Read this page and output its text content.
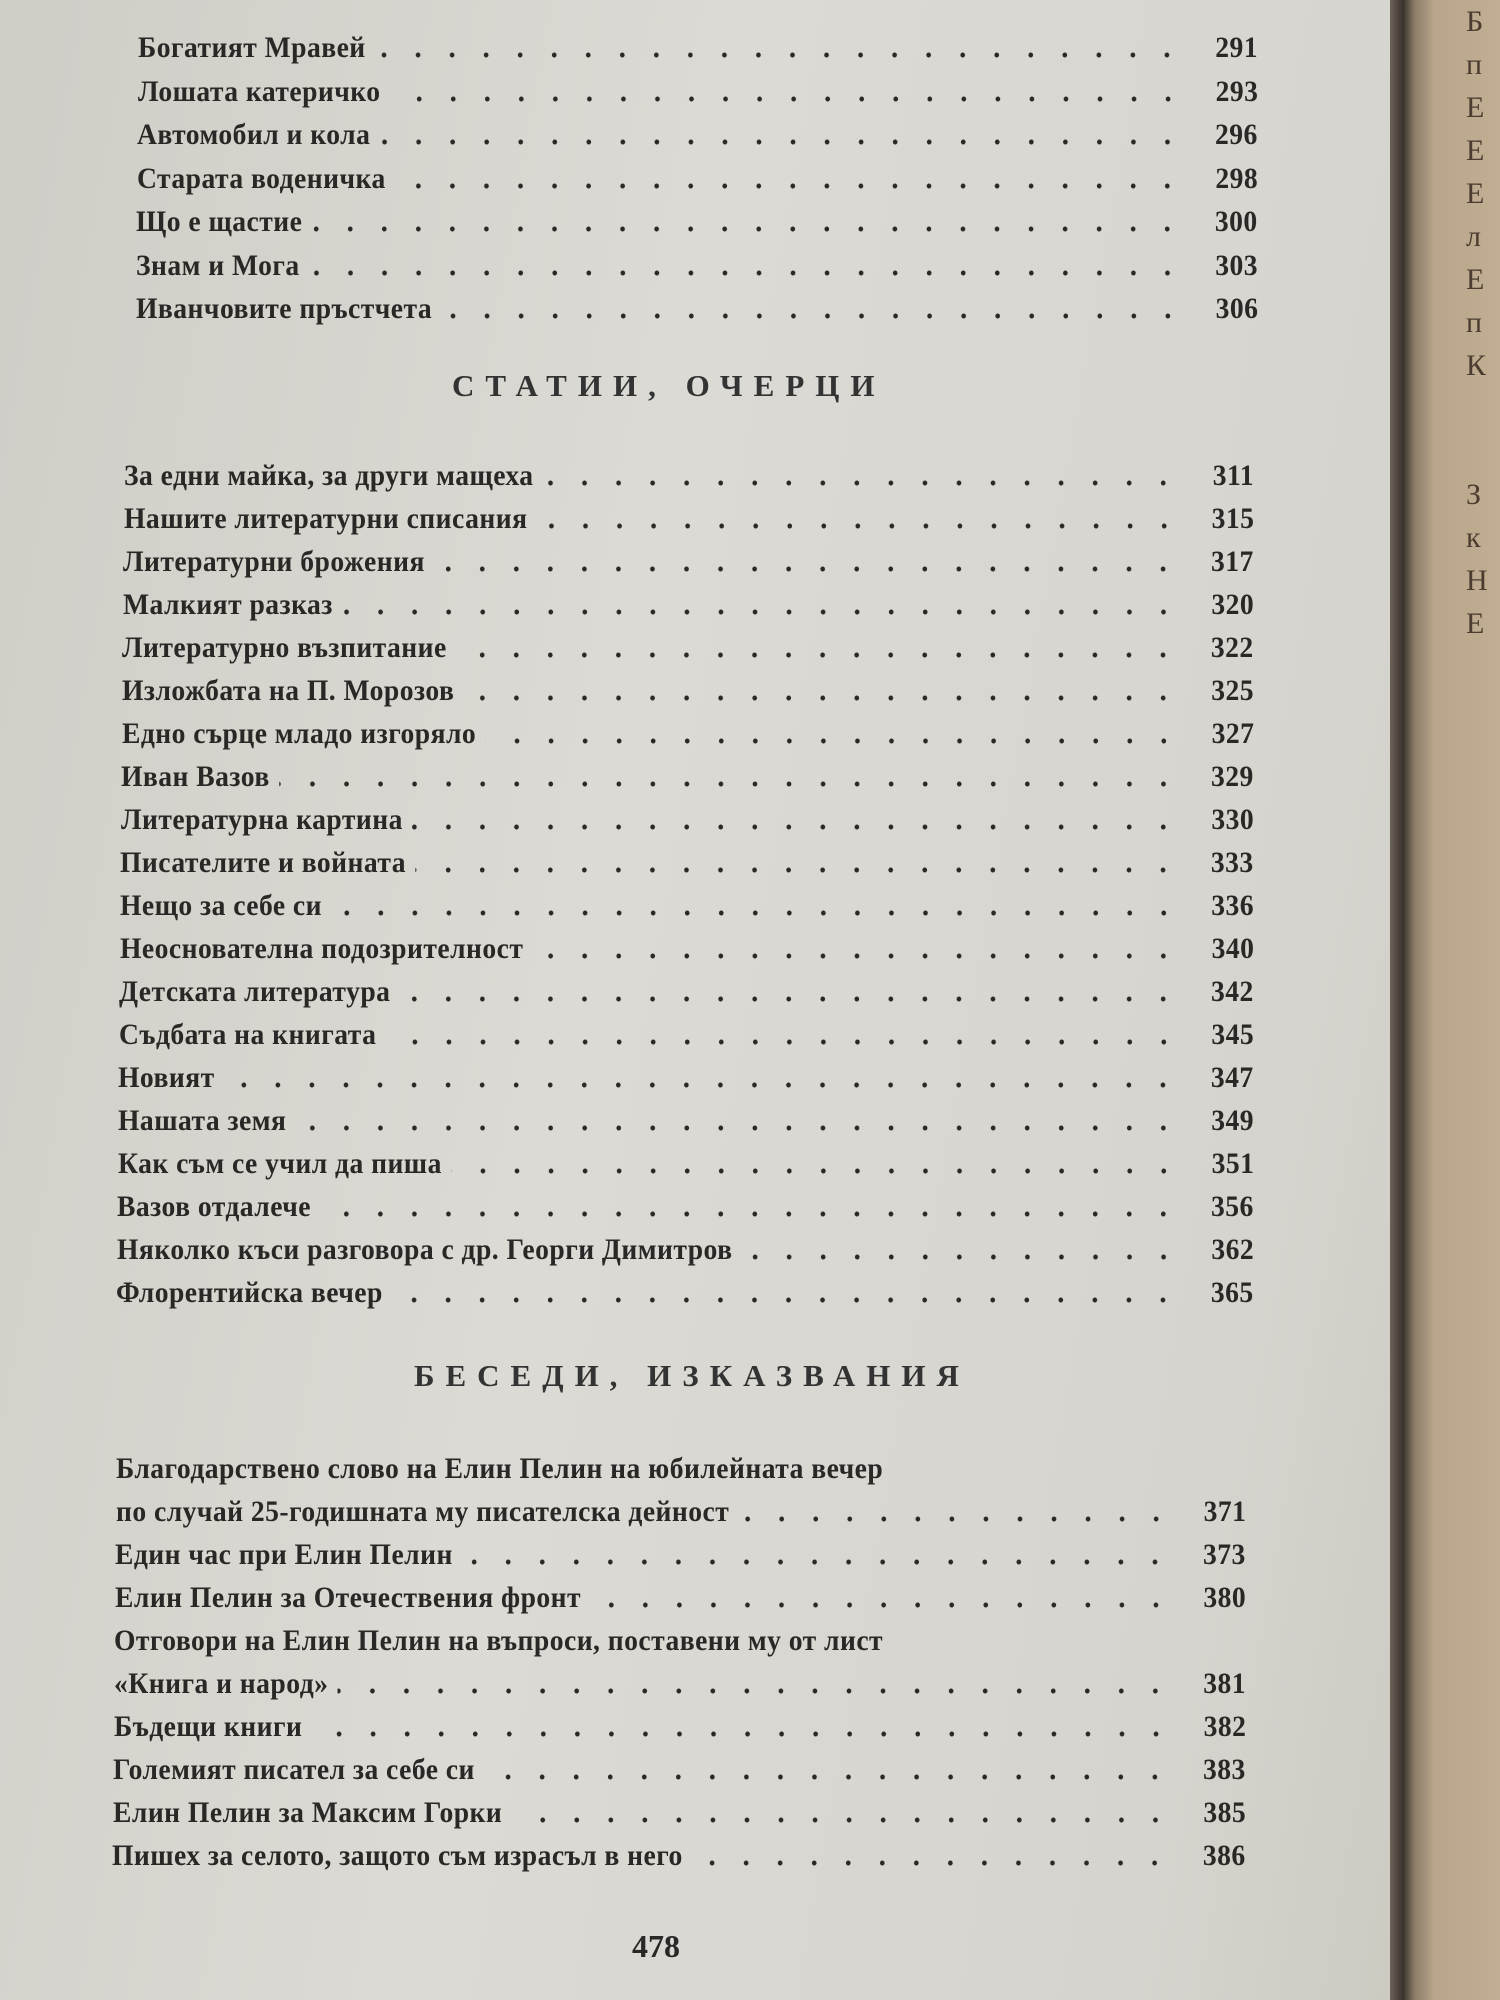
Б
п
Е
Е
Е
л
Е
п
К
З
к
Н
Е
Богатият Мравей	291
Лошата катеричко	293
Автомобил и кола	296
Старата воденичка	298
Що е щастие	300
Знам и Мога	303
Иванчовите пръстчета	306
СТАТИИ, ОЧЕРЦИ
За едни майка, за други мащеха	311
Нашите литературни списания	315
Литературни брожения	317
Малкият разказ	320
Литературно възпитание	322
Изложбата на П. Морозов	325
Едно сърце младо изгоряло	327
Иван Вазов	329
Литературна картина	330
Писателите и войната	333
Нещо за себе си	336
Неоснователна подозрителност	340
Детската литература	342
Съдбата на книгата	345
Новият	347
Нашата земя	349
Как съм се учил да пиша	351
Вазов отдалече	356
Няколко къси разговора с др. Георги Димитров	362
Флорентийска вечер	365
БЕСЕДИ, ИЗКАЗВАНИЯ
Благодарствено слово на Елин Пелин на юбилейната вечер
по случай 25-годишната му писателска дейност	371
Един час при Елин Пелин	373
Елин Пелин за Отечествения фронт	380
Отговори на Елин Пелин на въпроси, поставени му от лист
«Книга и народ»	381
Бъдещи книги	382
Големият писател за себе си	383
Елин Пелин за Максим Горки	385
Пишех за селото, защото съм израсъл в него	386
478
